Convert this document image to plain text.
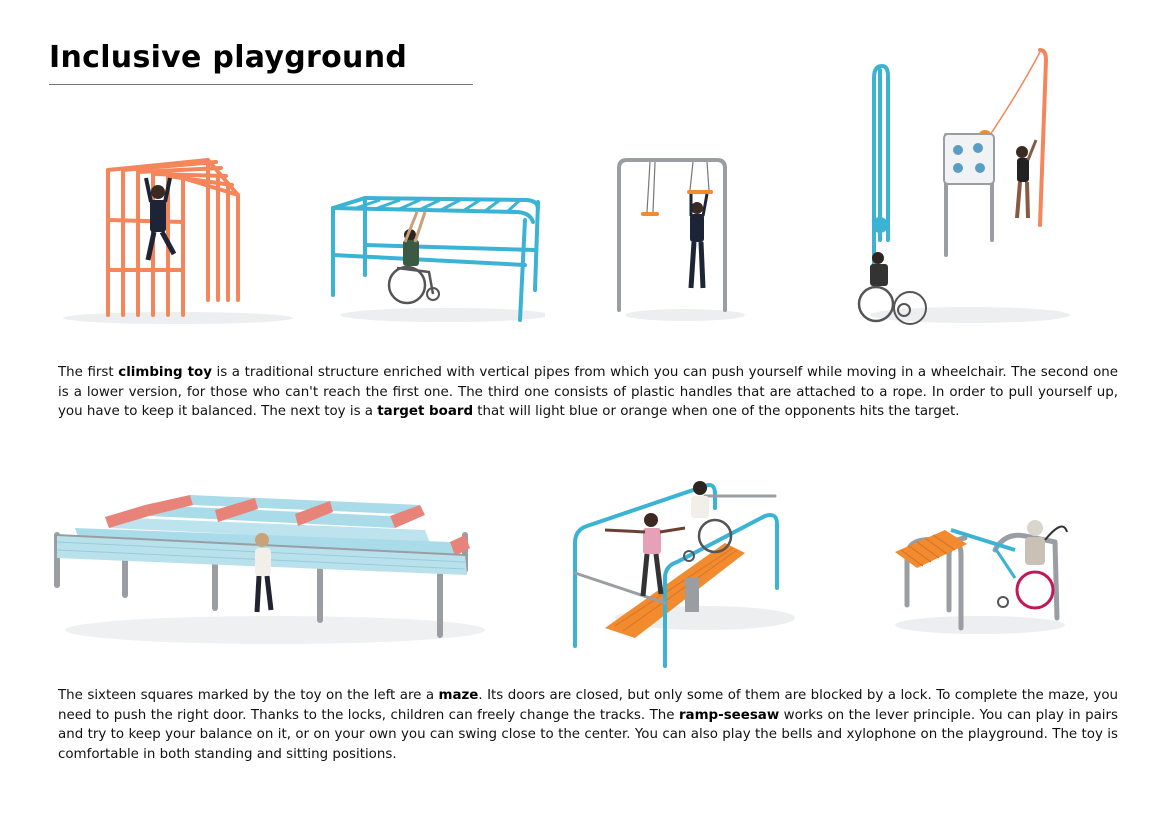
Inclusive playground

The first climbing toy is a traditional structure enriched with vertical pipes from which you can push yourself while moving in a wheelchair. The second one is a lower version, for those who can't reach the first one. The third one consists of plastic handles that are attached to a rope. In order to pull yourself up, you have to keep it balanced. The next toy is a target board that will light blue or orange when one of the opponents hits the target.

The sixteen squares marked by the toy on the left are a maze. Its doors are closed, but only some of them are blocked by a lock. To complete the maze, you need to push the right door. Thanks to the locks, children can freely change the tracks. The ramp-seesaw works on the lever principle. You can play in pairs and try to keep your balance on it, or on your own you can swing close to the center. You can also play the bells and xylophone on the playground. The toy is comfortable in both standing and sitting positions.
